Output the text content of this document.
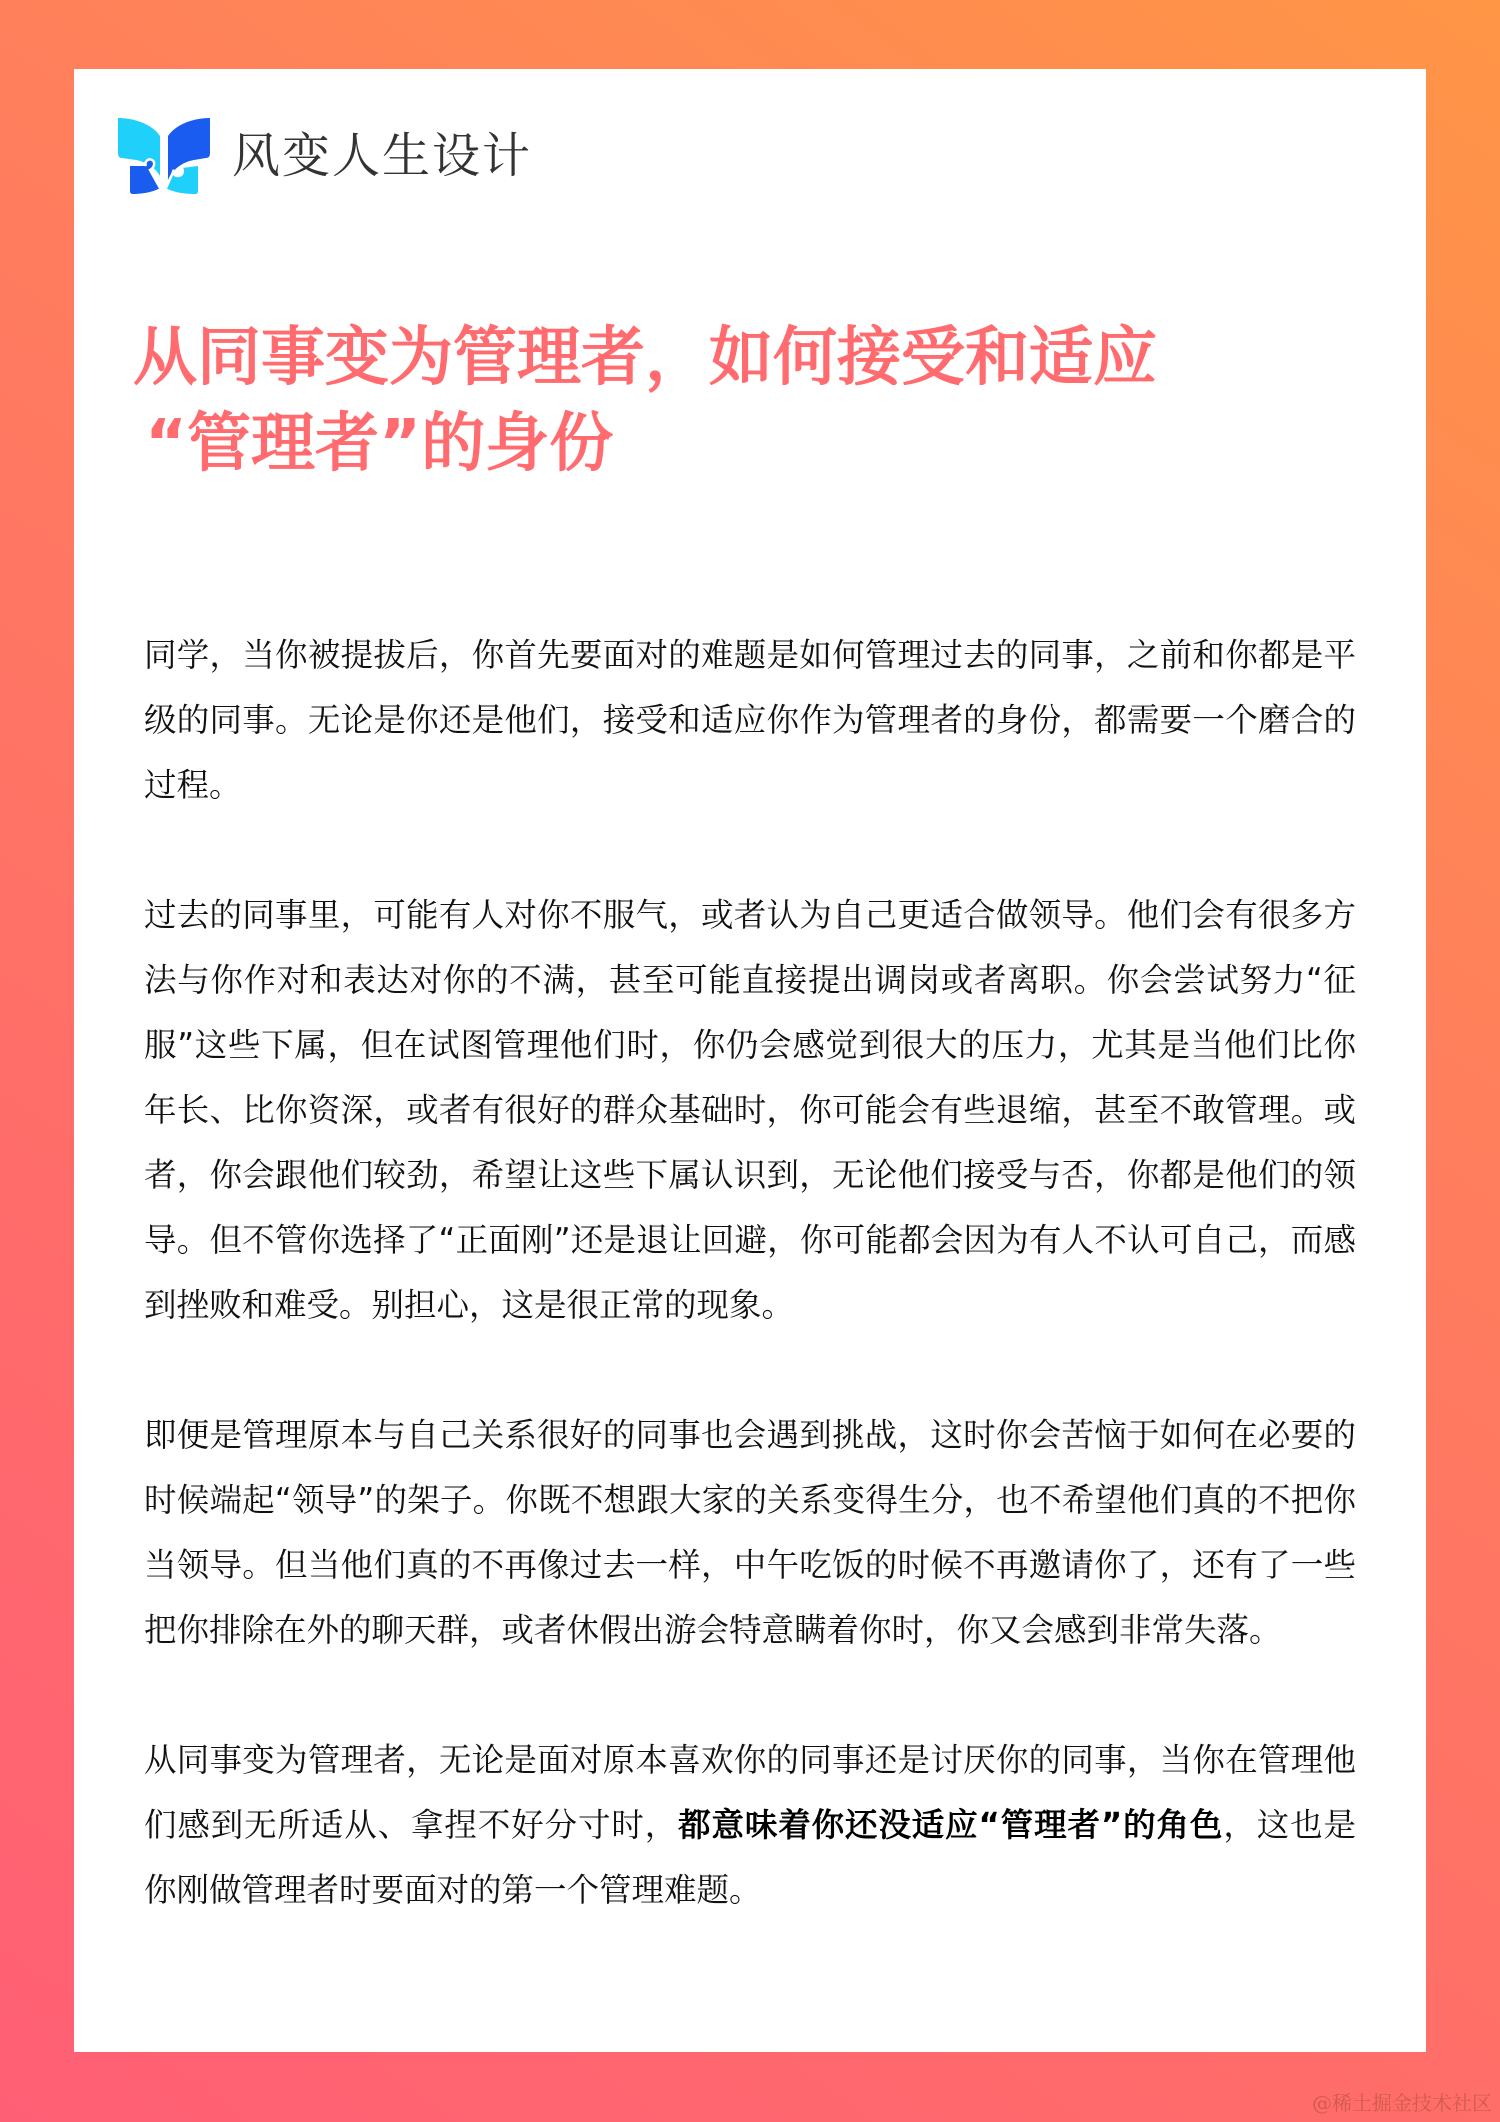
风变人生设计
从同事变为管理者，如何接受和适应
“管理者”的身份

同学，当你被提拔后，你首先要面对的难题是如何管理过去的同事，之前和你都是平级的同事。无论是你还是他们，接受和适应你作为管理者的身份，都需要一个磨合的过程。

过去的同事里，可能有人对你不服气，或者认为自己更适合做领导。他们会有很多方法与你作对和表达对你的不满，甚至可能直接提出调岗或者离职。你会尝试努力“征服”这些下属，但在试图管理他们时，你仍会感觉到很大的压力，尤其是当他们比你年长、比你资深，或者有很好的群众基础时，你可能会有些退缩，甚至不敢管理。或者，你会跟他们较劲，希望让这些下属认识到，无论他们接受与否，你都是他们的领导。但不管你选择了“正面刚”还是退让回避，你可能都会因为有人不认可自己，而感到挫败和难受。别担心，这是很正常的现象。

即便是管理原本与自己关系很好的同事也会遇到挑战，这时你会苦恼于如何在必要的时候端起“领导”的架子。你既不想跟大家的关系变得生分，也不希望他们真的不把你当领导。但当他们真的不再像过去一样，中午吃饭的时候不再邀请你了，还有了一些把你排除在外的聊天群，或者休假出游会特意瞒着你时，你又会感到非常失落。

从同事变为管理者，无论是面对原本喜欢你的同事还是讨厌你的同事，当你在管理他们感到无所适从、拿捏不好分寸时，都意味着你还没适应“管理者”的角色，这也是你刚做管理者时要面对的第一个管理难题。

@稀土掘金技术社区
